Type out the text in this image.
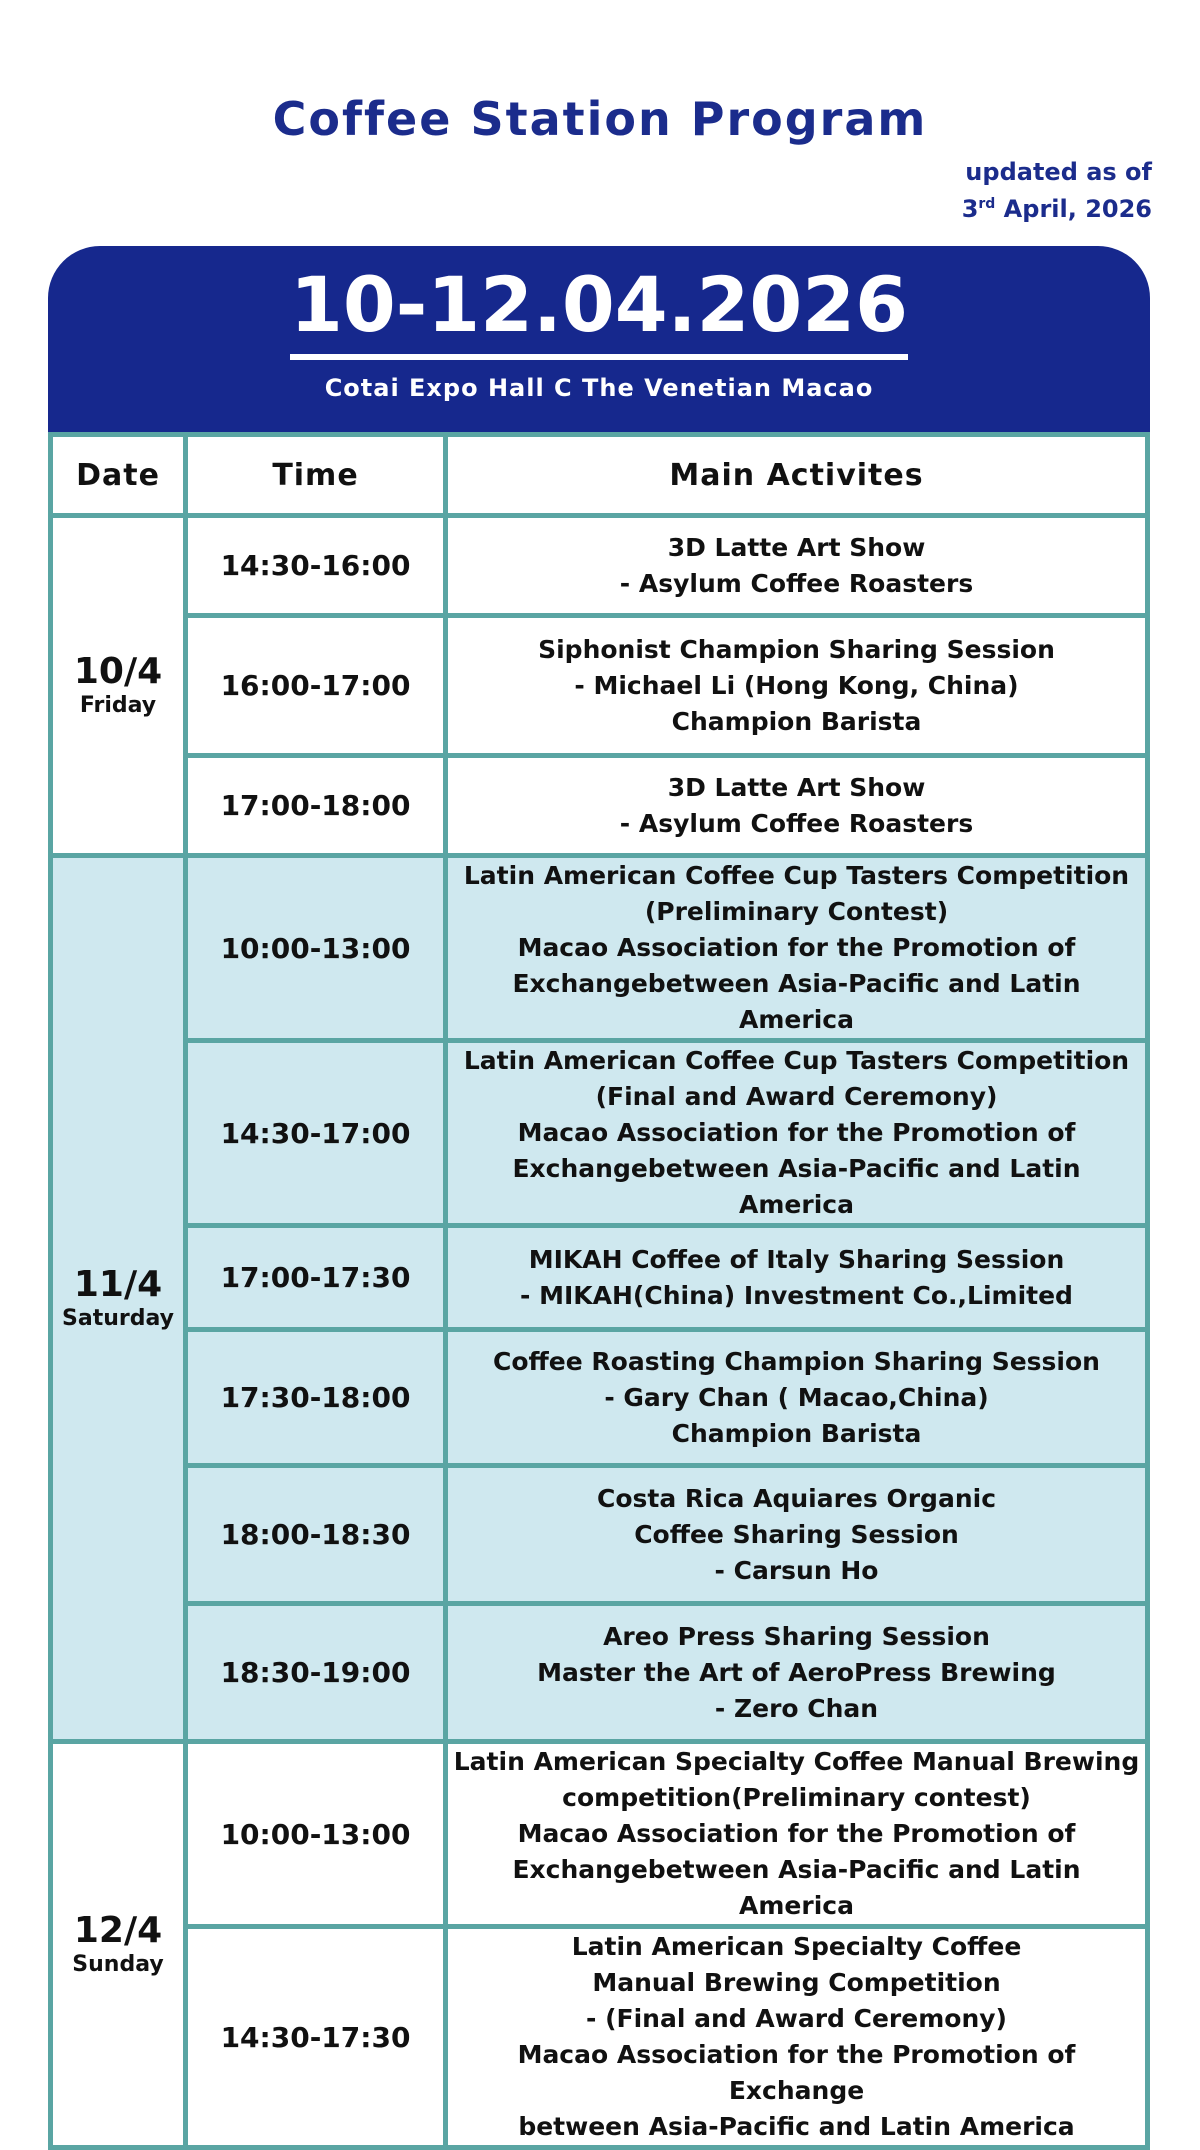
Coffee Station Program
updated as of
3rd April, 2026
10-12.04.2026
Cotai Expo Hall C The Venetian Macao
Date	Time	Main Activites

10/4
Friday	14:30-16:00	3D Latte Art Show
- Asylum Coffee Roasters
	16:00-17:00	Siphonist Champion Sharing Session
- Michael Li (Hong Kong, China)
Champion Barista
	17:00-18:00	3D Latte Art Show
- Asylum Coffee Roasters

11/4
Saturday	10:00-13:00	Latin American Coffee Cup Tasters Competition
(Preliminary Contest)
Macao Association for the Promotion of
Exchangebetween Asia-Pacific and Latin America
	14:30-17:00	Latin American Coffee Cup Tasters Competition
(Final and Award Ceremony)
Macao Association for the Promotion of
Exchangebetween Asia-Pacific and Latin America
	17:00-17:30	MIKAH Coffee of Italy Sharing Session
- MIKAH(China) Investment Co.,Limited
	17:30-18:00	Coffee Roasting Champion Sharing Session
- Gary Chan ( Macao,China)
Champion Barista
	18:00-18:30	Costa Rica Aquiares Organic
Coffee Sharing Session
- Carsun Ho
	18:30-19:00	Areo Press Sharing Session
Master the Art of AeroPress Brewing
- Zero Chan

12/4
Sunday	10:00-13:00	Latin American Specialty Coffee Manual Brewing
competition(Preliminary contest)
Macao Association for the Promotion of
Exchangebetween Asia-Pacific and Latin America
	14:30-17:30	Latin American Specialty Coffee
Manual Brewing Competition
- (Final and Award Ceremony)
Macao Association for the Promotion of Exchange
between Asia-Pacific and Latin America
